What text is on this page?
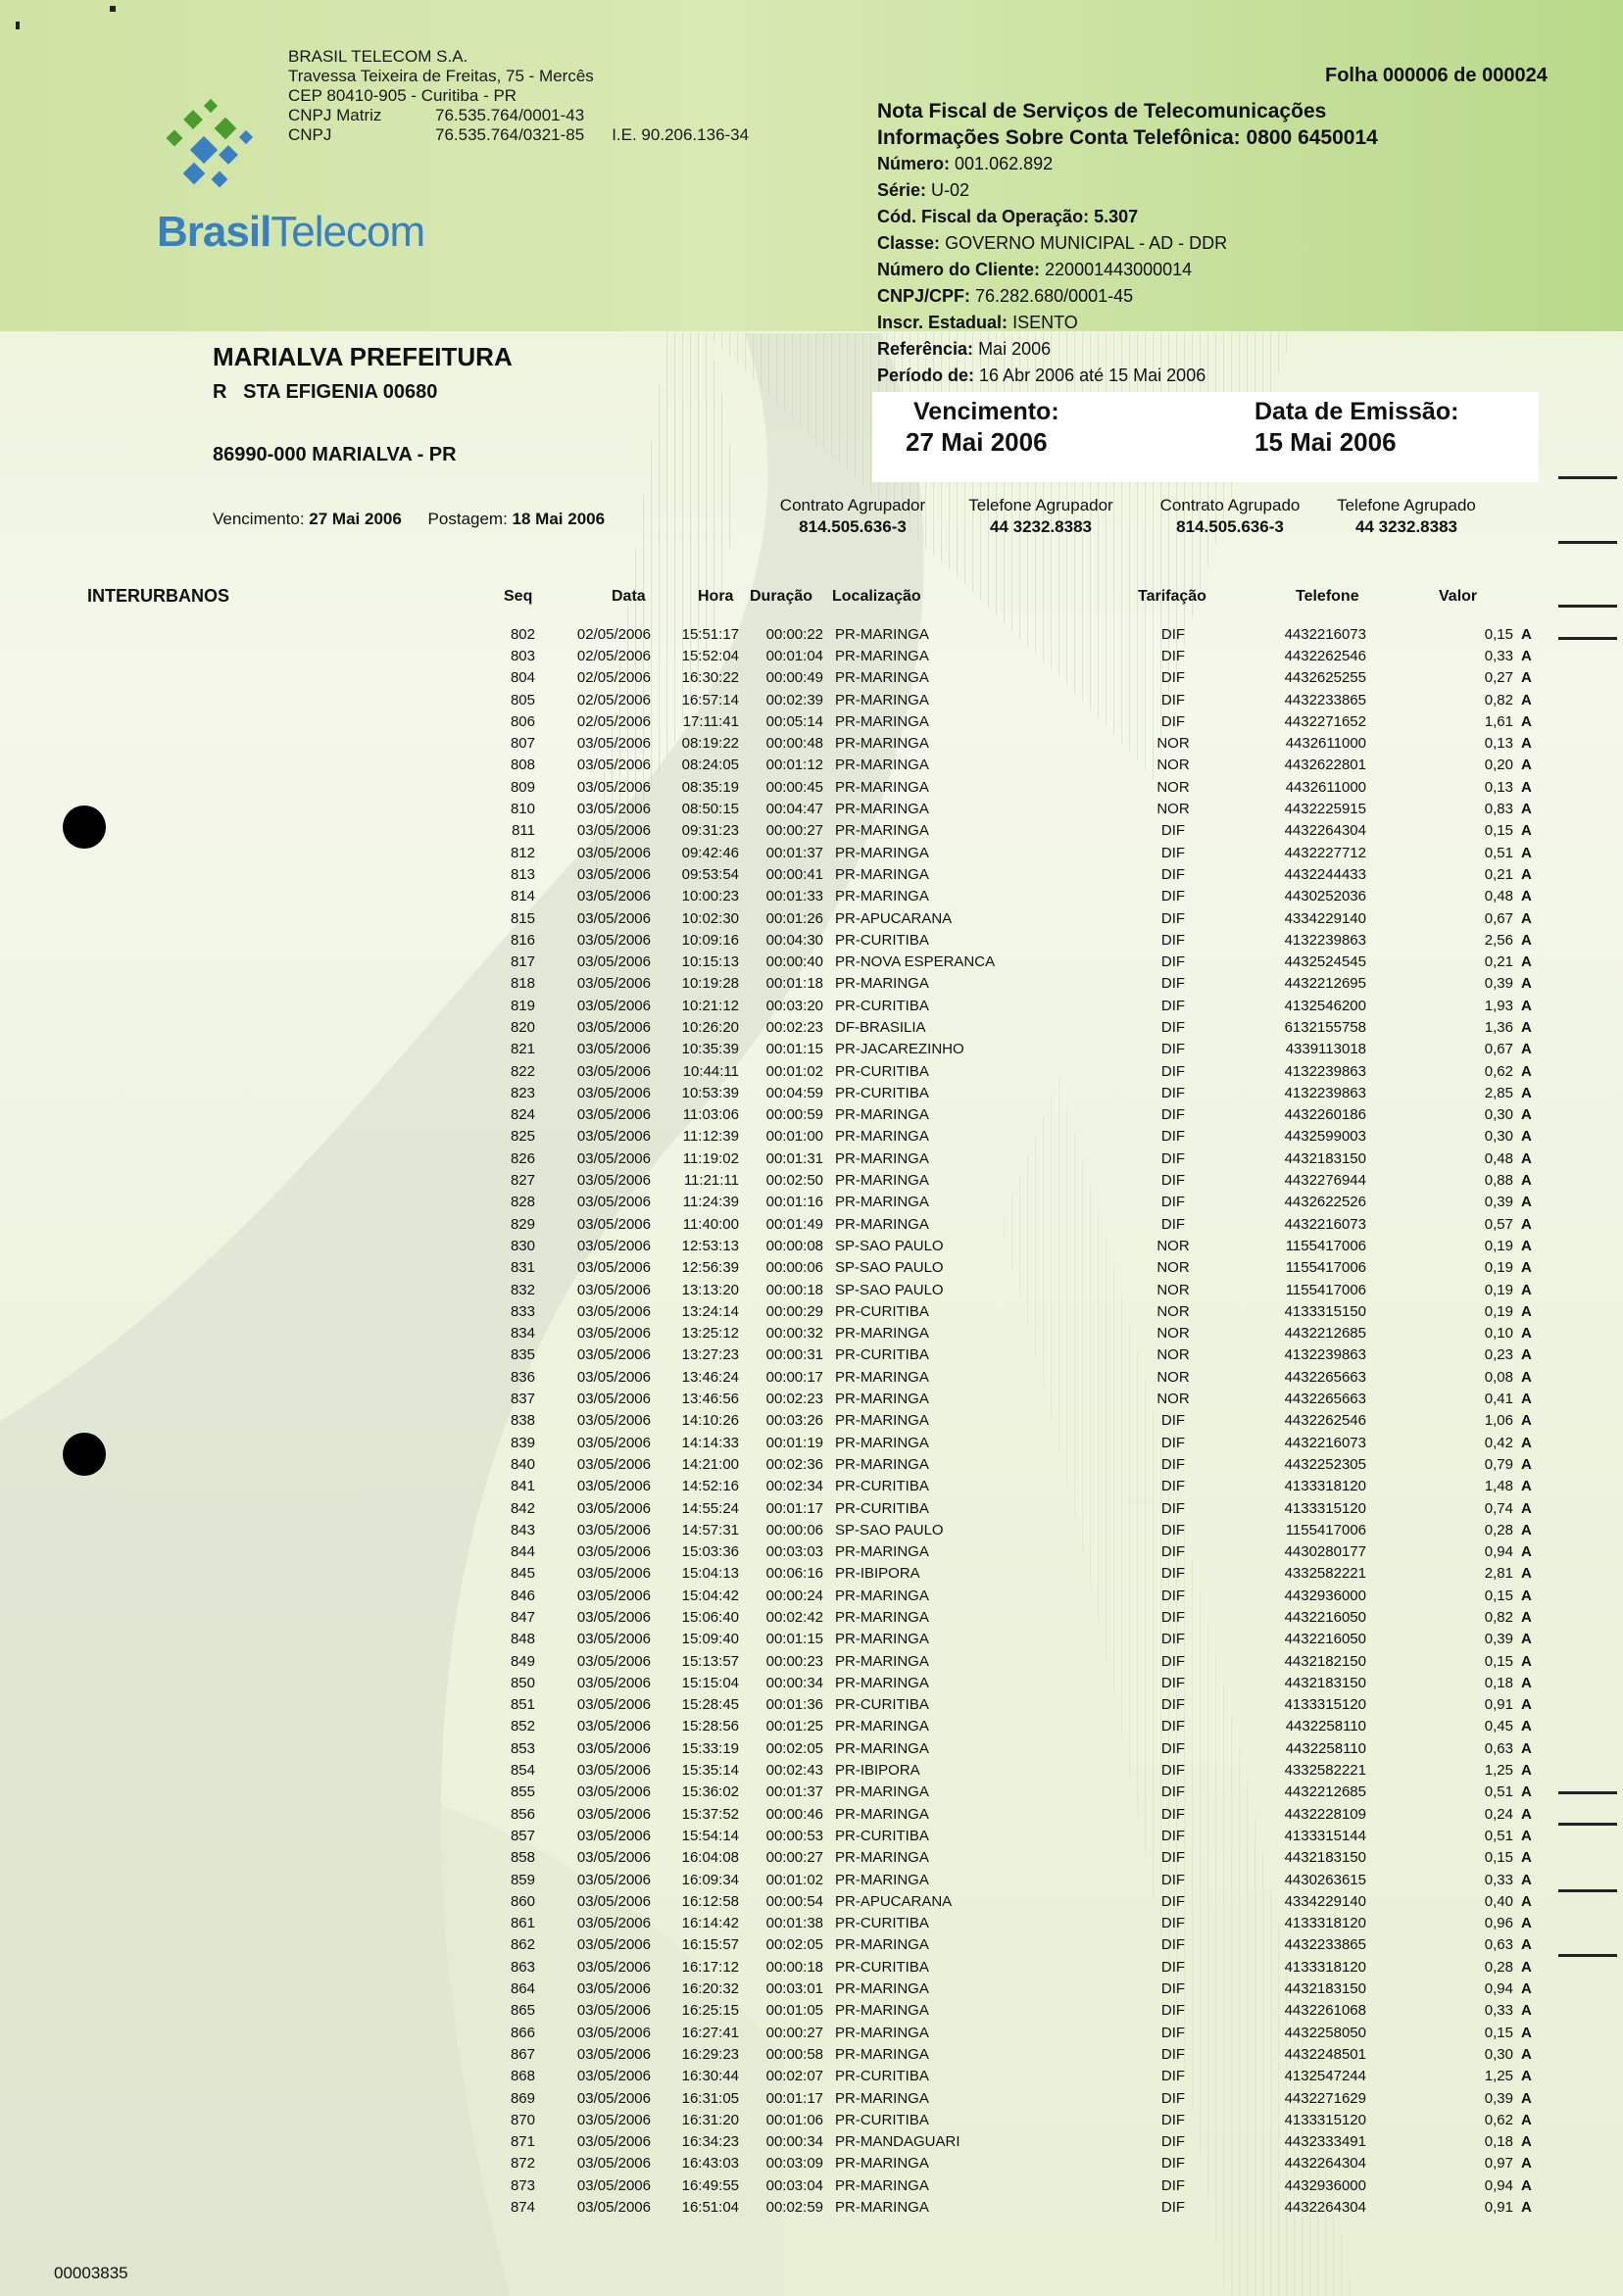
BrasilTelecom
BRASIL TELECOM S.A.
Travessa Teixeira de Freitas, 75 - Mercês
CEP 80410-905 - Curitiba - PR
CNPJ Matriz	76.535.764/0001-43
CNPJ	76.535.764/0321-85 I.E. 90.206.136-34
Folha 000006 de 000024
Nota Fiscal de Serviços de Telecomunicações
Informações Sobre Conta Telefônica: 0800 6450014
Número: 001.062.892
Série: U-02
Cód. Fiscal da Operação: 5.307
Classe: GOVERNO MUNICIPAL - AD - DDR
Número do Cliente: 220001443000014
CNPJ/CPF: 76.282.680/0001-45
Inscr. Estadual: ISENTO
Referência: Mai 2006
Período de: 16 Abr 2006 até 15 Mai 2006
MARIALVA PREFEITURA
R   STA EFIGENIA 00680
86990-000 MARIALVA - PR
Vencimento:
27 Mai 2006
Data de Emissão:
15 Mai 2006
Vencimento: 27 Mai 2006 Postagem: 18 Mai 2006
Contrato Agrupador
814.505.636-3
Telefone Agrupador
44 3232.8383
Contrato Agrupado
814.505.636-3
Telefone Agrupado
44 3232.8383
INTERURBANOS	Seq	Data	Hora Duração Localização	Tarifação	Telefone	Valor
802	02/05/2006	15:51:17	00:00:22	PR-MARINGA	DIF	4432216073	0,15	A
803	02/05/2006	15:52:04	00:01:04	PR-MARINGA	DIF	4432262546	0,33	A
804	02/05/2006	16:30:22	00:00:49	PR-MARINGA	DIF	4432625255	0,27	A
805	02/05/2006	16:57:14	00:02:39	PR-MARINGA	DIF	4432233865	0,82	A
806	02/05/2006	17:11:41	00:05:14	PR-MARINGA	DIF	4432271652	1,61	A
807	03/05/2006	08:19:22	00:00:48	PR-MARINGA	NOR	4432611000	0,13	A
808	03/05/2006	08:24:05	00:01:12	PR-MARINGA	NOR	4432622801	0,20	A
809	03/05/2006	08:35:19	00:00:45	PR-MARINGA	NOR	4432611000	0,13	A
810	03/05/2006	08:50:15	00:04:47	PR-MARINGA	NOR	4432225915	0,83	A
811	03/05/2006	09:31:23	00:00:27	PR-MARINGA	DIF	4432264304	0,15	A
812	03/05/2006	09:42:46	00:01:37	PR-MARINGA	DIF	4432227712	0,51	A
813	03/05/2006	09:53:54	00:00:41	PR-MARINGA	DIF	4432244433	0,21	A
814	03/05/2006	10:00:23	00:01:33	PR-MARINGA	DIF	4430252036	0,48	A
815	03/05/2006	10:02:30	00:01:26	PR-APUCARANA	DIF	4334229140	0,67	A
816	03/05/2006	10:09:16	00:04:30	PR-CURITIBA	DIF	4132239863	2,56	A
817	03/05/2006	10:15:13	00:00:40	PR-NOVA ESPERANCA	DIF	4432524545	0,21	A
818	03/05/2006	10:19:28	00:01:18	PR-MARINGA	DIF	4432212695	0,39	A
819	03/05/2006	10:21:12	00:03:20	PR-CURITIBA	DIF	4132546200	1,93	A
820	03/05/2006	10:26:20	00:02:23	DF-BRASILIA	DIF	6132155758	1,36	A
821	03/05/2006	10:35:39	00:01:15	PR-JACAREZINHO	DIF	4339113018	0,67	A
822	03/05/2006	10:44:11	00:01:02	PR-CURITIBA	DIF	4132239863	0,62	A
823	03/05/2006	10:53:39	00:04:59	PR-CURITIBA	DIF	4132239863	2,85	A
824	03/05/2006	11:03:06	00:00:59	PR-MARINGA	DIF	4432260186	0,30	A
825	03/05/2006	11:12:39	00:01:00	PR-MARINGA	DIF	4432599003	0,30	A
826	03/05/2006	11:19:02	00:01:31	PR-MARINGA	DIF	4432183150	0,48	A
827	03/05/2006	11:21:11	00:02:50	PR-MARINGA	DIF	4432276944	0,88	A
828	03/05/2006	11:24:39	00:01:16	PR-MARINGA	DIF	4432622526	0,39	A
829	03/05/2006	11:40:00	00:01:49	PR-MARINGA	DIF	4432216073	0,57	A
830	03/05/2006	12:53:13	00:00:08	SP-SAO PAULO	NOR	1155417006	0,19	A
831	03/05/2006	12:56:39	00:00:06	SP-SAO PAULO	NOR	1155417006	0,19	A
832	03/05/2006	13:13:20	00:00:18	SP-SAO PAULO	NOR	1155417006	0,19	A
833	03/05/2006	13:24:14	00:00:29	PR-CURITIBA	NOR	4133315150	0,19	A
834	03/05/2006	13:25:12	00:00:32	PR-MARINGA	NOR	4432212685	0,10	A
835	03/05/2006	13:27:23	00:00:31	PR-CURITIBA	NOR	4132239863	0,23	A
836	03/05/2006	13:46:24	00:00:17	PR-MARINGA	NOR	4432265663	0,08	A
837	03/05/2006	13:46:56	00:02:23	PR-MARINGA	NOR	4432265663	0,41	A
838	03/05/2006	14:10:26	00:03:26	PR-MARINGA	DIF	4432262546	1,06	A
839	03/05/2006	14:14:33	00:01:19	PR-MARINGA	DIF	4432216073	0,42	A
840	03/05/2006	14:21:00	00:02:36	PR-MARINGA	DIF	4432252305	0,79	A
841	03/05/2006	14:52:16	00:02:34	PR-CURITIBA	DIF	4133318120	1,48	A
842	03/05/2006	14:55:24	00:01:17	PR-CURITIBA	DIF	4133315120	0,74	A
843	03/05/2006	14:57:31	00:00:06	SP-SAO PAULO	DIF	1155417006	0,28	A
844	03/05/2006	15:03:36	00:03:03	PR-MARINGA	DIF	4430280177	0,94	A
845	03/05/2006	15:04:13	00:06:16	PR-IBIPORA	DIF	4332582221	2,81	A
846	03/05/2006	15:04:42	00:00:24	PR-MARINGA	DIF	4432936000	0,15	A
847	03/05/2006	15:06:40	00:02:42	PR-MARINGA	DIF	4432216050	0,82	A
848	03/05/2006	15:09:40	00:01:15	PR-MARINGA	DIF	4432216050	0,39	A
849	03/05/2006	15:13:57	00:00:23	PR-MARINGA	DIF	4432182150	0,15	A
850	03/05/2006	15:15:04	00:00:34	PR-MARINGA	DIF	4432183150	0,18	A
851	03/05/2006	15:28:45	00:01:36	PR-CURITIBA	DIF	4133315120	0,91	A
852	03/05/2006	15:28:56	00:01:25	PR-MARINGA	DIF	4432258110	0,45	A
853	03/05/2006	15:33:19	00:02:05	PR-MARINGA	DIF	4432258110	0,63	A
854	03/05/2006	15:35:14	00:02:43	PR-IBIPORA	DIF	4332582221	1,25	A
855	03/05/2006	15:36:02	00:01:37	PR-MARINGA	DIF	4432212685	0,51	A
856	03/05/2006	15:37:52	00:00:46	PR-MARINGA	DIF	4432228109	0,24	A
857	03/05/2006	15:54:14	00:00:53	PR-CURITIBA	DIF	4133315144	0,51	A
858	03/05/2006	16:04:08	00:00:27	PR-MARINGA	DIF	4432183150	0,15	A
859	03/05/2006	16:09:34	00:01:02	PR-MARINGA	DIF	4430263615	0,33	A
860	03/05/2006	16:12:58	00:00:54	PR-APUCARANA	DIF	4334229140	0,40	A
861	03/05/2006	16:14:42	00:01:38	PR-CURITIBA	DIF	4133318120	0,96	A
862	03/05/2006	16:15:57	00:02:05	PR-MARINGA	DIF	4432233865	0,63	A
863	03/05/2006	16:17:12	00:00:18	PR-CURITIBA	DIF	4133318120	0,28	A
864	03/05/2006	16:20:32	00:03:01	PR-MARINGA	DIF	4432183150	0,94	A
865	03/05/2006	16:25:15	00:01:05	PR-MARINGA	DIF	4432261068	0,33	A
866	03/05/2006	16:27:41	00:00:27	PR-MARINGA	DIF	4432258050	0,15	A
867	03/05/2006	16:29:23	00:00:58	PR-MARINGA	DIF	4432248501	0,30	A
868	03/05/2006	16:30:44	00:02:07	PR-CURITIBA	DIF	4132547244	1,25	A
869	03/05/2006	16:31:05	00:01:17	PR-MARINGA	DIF	4432271629	0,39	A
870	03/05/2006	16:31:20	00:01:06	PR-CURITIBA	DIF	4133315120	0,62	A
871	03/05/2006	16:34:23	00:00:34	PR-MANDAGUARI	DIF	4432333491	0,18	A
872	03/05/2006	16:43:03	00:03:09	PR-MARINGA	DIF	4432264304	0,97	A
873	03/05/2006	16:49:55	00:03:04	PR-MARINGA	DIF	4432936000	0,94	A
874	03/05/2006	16:51:04	00:02:59	PR-MARINGA	DIF	4432264304	0,91	A
00003835
